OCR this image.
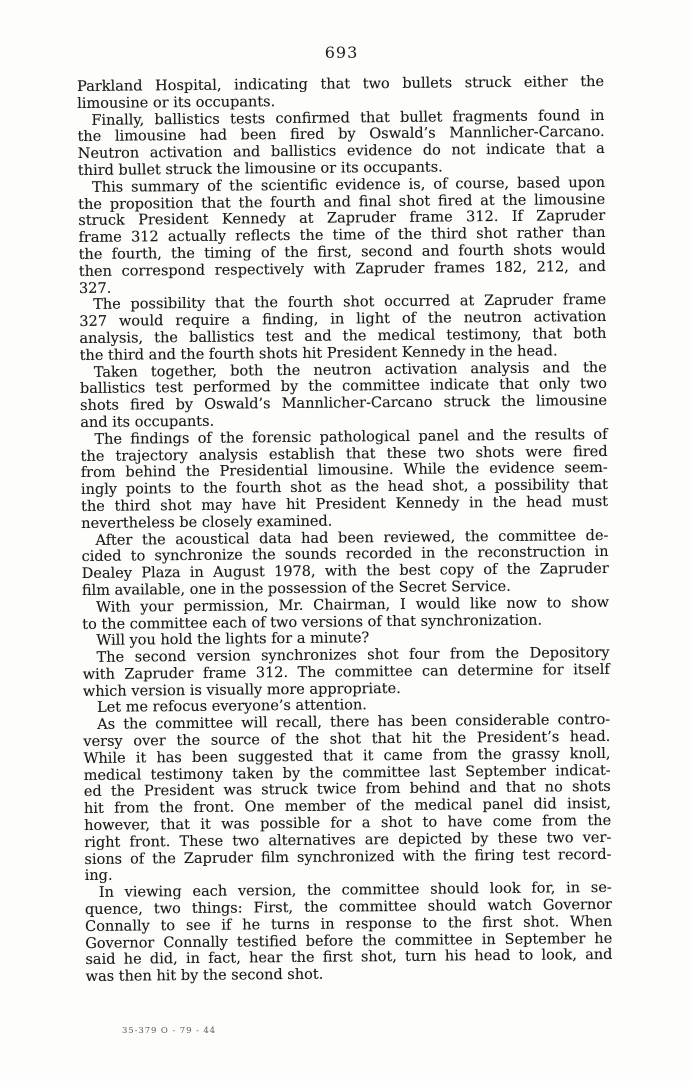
693
Parkland Hospital, indicating that two bullets struck either the
limousine or its occupants.
Finally, ballistics tests confirmed that bullet fragments found in
the limousine had been fired by Oswald’s Mannlicher-Carcano.
Neutron activation and ballistics evidence do not indicate that a
third bullet struck the limousine or its occupants.
This summary of the scientific evidence is, of course, based upon
the proposition that the fourth and final shot fired at the limousine
struck President Kennedy at Zapruder frame 312. If Zapruder
frame 312 actually reflects the time of the third shot rather than
the fourth, the timing of the first, second and fourth shots would
then correspond respectively with Zapruder frames 182, 212, and
327.
The possibility that the fourth shot occurred at Zapruder frame
327 would require a finding, in light of the neutron activation
analysis, the ballistics test and the medical testimony, that both
the third and the fourth shots hit President Kennedy in the head.
Taken together, both the neutron activation analysis and the
ballistics test performed by the committee indicate that only two
shots fired by Oswald’s Mannlicher-Carcano struck the limousine
and its occupants.
The findings of the forensic pathological panel and the results of
the trajectory analysis establish that these two shots were fired
from behind the Presidential limousine. While the evidence seem-
ingly points to the fourth shot as the head shot, a possibility that
the third shot may have hit President Kennedy in the head must
nevertheless be closely examined.
After the acoustical data had been reviewed, the committee de-
cided to synchronize the sounds recorded in the reconstruction in
Dealey Plaza in August 1978, with the best copy of the Zapruder
film available, one in the possession of the Secret Service.
With your permission, Mr. Chairman, I would like now to show
to the committee each of two versions of that synchronization.
Will you hold the lights for a minute?
The second version synchronizes shot four from the Depository
with Zapruder frame 312. The committee can determine for itself
which version is visually more appropriate.
Let me refocus everyone’s attention.
As the committee will recall, there has been considerable contro-
versy over the source of the shot that hit the President’s head.
While it has been suggested that it came from the grassy knoll,
medical testimony taken by the committee last September indicat-
ed the President was struck twice from behind and that no shots
hit from the front. One member of the medical panel did insist,
however, that it was possible for a shot to have come from the
right front. These two alternatives are depicted by these two ver-
sions of the Zapruder film synchronized with the firing test record-
ing.
In viewing each version, the committee should look for, in se-
quence, two things: First, the committee should watch Governor
Connally to see if he turns in response to the first shot. When
Governor Connally testified before the committee in September he
said he did, in fact, hear the first shot, turn his head to look, and
was then hit by the second shot.
35-379 O - 79 - 44
